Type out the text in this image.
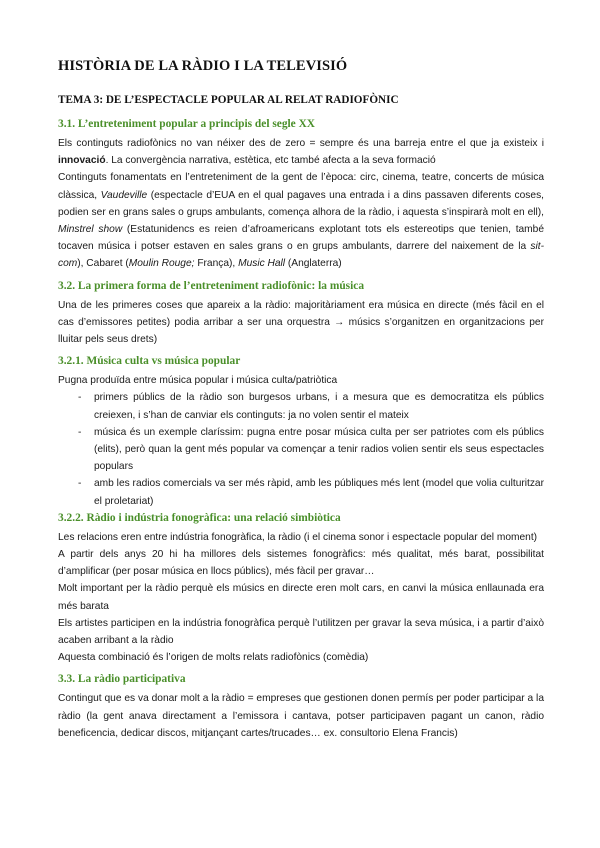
HISTÒRIA DE LA RÀDIO I LA TELEVISIÓ
TEMA 3: DE L’ESPECTACLE POPULAR AL RELAT RADIOFÒNIC
3.1. L’entreteniment popular a principis del segle XX

Els continguts radiofònics no van néixer des de zero = sempre és una barreja entre el que ja existeix i innovació. La convergència narrativa, estètica, etc també afecta a la seva formació

Continguts fonamentats en l’entreteniment de la gent de l’època: circ, cinema, teatre, concerts de música clàssica, Vaudeville (espectacle d’EUA en el qual pagaves una entrada i a dins passaven diferents coses, podien ser en grans sales o grups ambulants, comença alhora de la ràdio, i aquesta s’inspirarà molt en ell), Minstrel show (Estatunidencs es reien d’afroamericans explotant tots els estereotips que tenien, també tocaven música i potser estaven en sales grans o en grups ambulants, darrere del naixement de la sit-com), Cabaret (Moulin Rouge; França), Music Hall (Anglaterra)

3.2. La primera forma de l’entreteniment radiofònic: la música

Una de les primeres coses que apareix a la ràdio: majoritàriament era música en directe (més fàcil en el cas d’emissores petites) podia arribar a ser una orquestra → músics s’organitzen en organitzacions per lluitar pels seus drets)

3.2.1. Música culta vs música popular

Pugna produïda entre música popular i música culta/patriòtica

- primers públics de la ràdio son burgesos urbans, i a mesura que es democratitza els públics creiexen, i s’han de canviar els continguts: ja no volen sentir el mateix
- música és un exemple claríssim: pugna entre posar música culta per ser patriotes com els públics (elits), però quan la gent més popular va començar a tenir radios volien sentir els seus espectacles populars
- amb les radios comercials va ser més ràpid, amb les públiques més lent (model que volia culturitzar el proletariat)
3.2.2. Ràdio i indústria fonogràfica: una relació simbiòtica

Les relacions eren entre indústria fonogràfica, la ràdio (i el cinema sonor i espectacle popular del moment)

A partir dels anys 20 hi ha millores dels sistemes fonogràfics: més qualitat, més barat, possibilitat d’amplificar (per posar música en llocs públics), més fàcil per gravar…

Molt important per la ràdio perquè els músics en directe eren molt cars, en canvi la música enllaunada era més barata

Els artistes participen en la indústria fonogràfica perquè l’utilitzen per gravar la seva música, i a partir d’això acaben arribant a la ràdio

Aquesta combinació és l’origen de molts relats radiofònics (comèdia)

3.3. La ràdio participativa

Contingut que es va donar molt a la ràdio = empreses que gestionen donen permís per poder participar a la ràdio (la gent anava directament a l’emissora i cantava, potser participaven pagant un canon, ràdio beneficencia, dedicar discos, mitjançant cartes/trucades… ex. consultorio Elena Francis)
